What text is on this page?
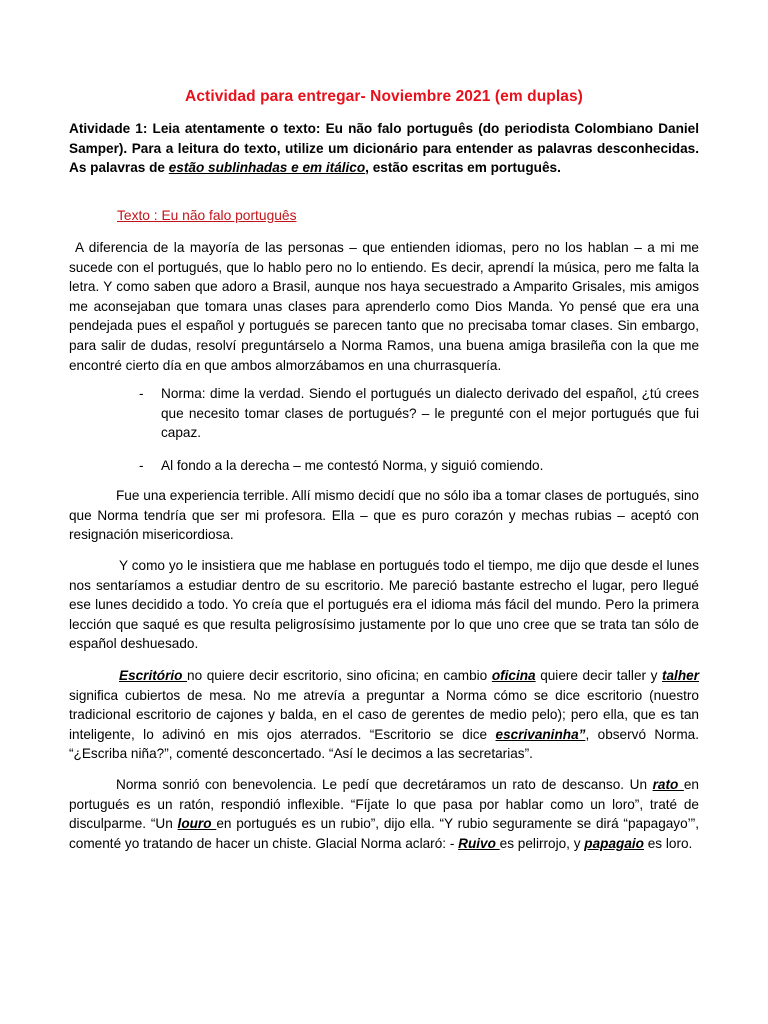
Actividad para entregar- Noviembre 2021 (em duplas)
Atividade 1: Leia atentamente o texto: Eu não falo português (do periodista Colombiano Daniel Samper). Para a leitura do texto, utilize um dicionário para entender as palavras desconhecidas. As palavras de estão sublinhadas e em itálico, estão escritas em português.
Texto : Eu não falo português
A diferencia de la mayoría de las personas – que entienden idiomas, pero no los hablan – a mi me sucede con el portugués, que lo hablo pero no lo entiendo. Es decir, aprendí la música, pero me falta la letra. Y como saben que adoro a Brasil, aunque nos haya secuestrado a Amparito Grisales, mis amigos me aconsejaban que tomara unas clases para aprenderlo como Dios Manda. Yo pensé que era una pendejada pues el español y portugués se parecen tanto que no precisaba tomar clases. Sin embargo, para salir de dudas, resolví preguntárselo a Norma Ramos, una buena amiga brasileña con la que me encontré cierto día en que ambos almorzábamos en una churrasquería.
-	Norma: dime la verdad. Siendo el portugués un dialecto derivado del español, ¿tú crees que necesito tomar clases de portugués? – le pregunté con el mejor portugués que fui capaz.
-	Al fondo a la derecha – me contestó Norma, y siguió comiendo.
Fue una experiencia terrible. Allí mismo decidí que no sólo iba a tomar clases de portugués, sino que Norma tendría que ser mi profesora. Ella – que es puro corazón y mechas rubias – aceptó con resignación misericordiosa.
Y como yo le insistiera que me hablase en portugués todo el tiempo, me dijo que desde el lunes nos sentaríamos a estudiar dentro de su escritorio. Me pareció bastante estrecho el lugar, pero llegué ese lunes decidido a todo. Yo creía que el portugués era el idioma más fácil del mundo. Pero la primera lección que saqué es que resulta peligrosísimo justamente por lo que uno cree que se trata tan sólo de español deshuesado.
Escritório no quiere decir escritorio, sino oficina; en cambio oficina quiere decir taller y talher significa cubiertos de mesa. No me atrevía a preguntar a Norma cómo se dice escritorio (nuestro tradicional escritorio de cajones y balda, en el caso de gerentes de medio pelo); pero ella, que es tan inteligente, lo adivinó en mis ojos aterrados. “Escritorio se dice escrivaninha”, observó Norma. “¿Escriba niña?”, comenté desconcertado. “Así le decimos a las secretarias”.
Norma sonrió con benevolencia. Le pedí que decretáramos un rato de descanso. Un rato en portugués es un ratón, respondió inflexible. “Fíjate lo que pasa por hablar como un loro”, traté de disculparme. “Un louro en portugués es un rubio”, dijo ella. “Y rubio seguramente se dirá “papagayo’”, comenté yo tratando de hacer un chiste. Glacial Norma aclaró: - Ruivo es pelirrojo, y papagaio es loro.
